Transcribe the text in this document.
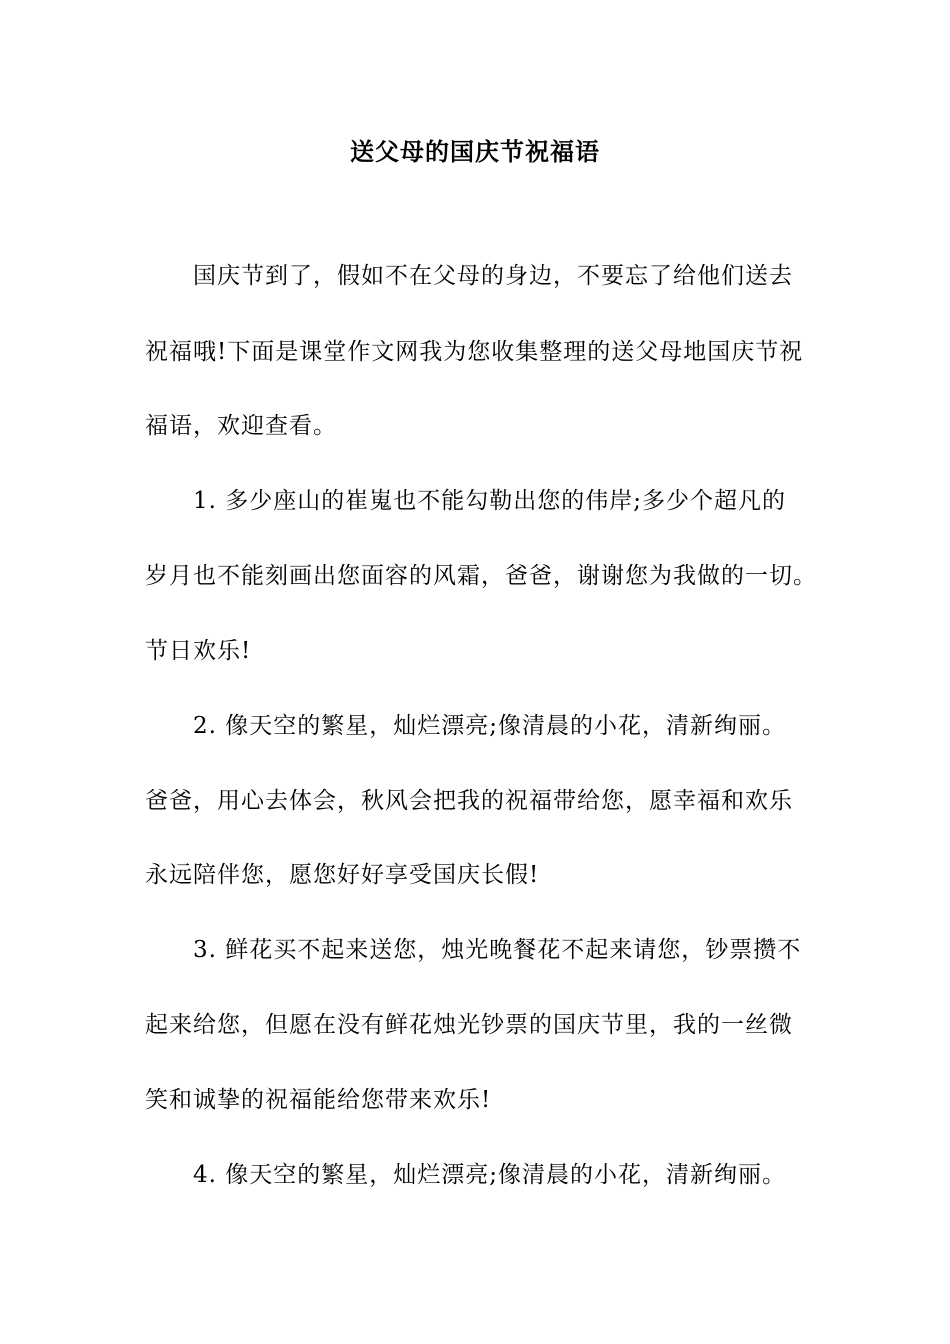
送父母的国庆节祝福语
国庆节到了，假如不在父母的身边，不要忘了给他们送去
祝福哦!下面是课堂作文网我为您收集整理的送父母地国庆节祝
福语，欢迎查看。
1. 多少座山的崔嵬也不能勾勒出您的伟岸;多少个超凡的
岁月也不能刻画出您面容的风霜，爸爸，谢谢您为我做的一切。
节日欢乐!
2. 像天空的繁星，灿烂漂亮;像清晨的小花，清新绚丽。
爸爸，用心去体会，秋风会把我的祝福带给您，愿幸福和欢乐
永远陪伴您，愿您好好享受国庆长假!
3. 鲜花买不起来送您，烛光晚餐花不起来请您，钞票攒不
起来给您，但愿在没有鲜花烛光钞票的国庆节里，我的一丝微
笑和诚挚的祝福能给您带来欢乐!
4. 像天空的繁星，灿烂漂亮;像清晨的小花，清新绚丽。
